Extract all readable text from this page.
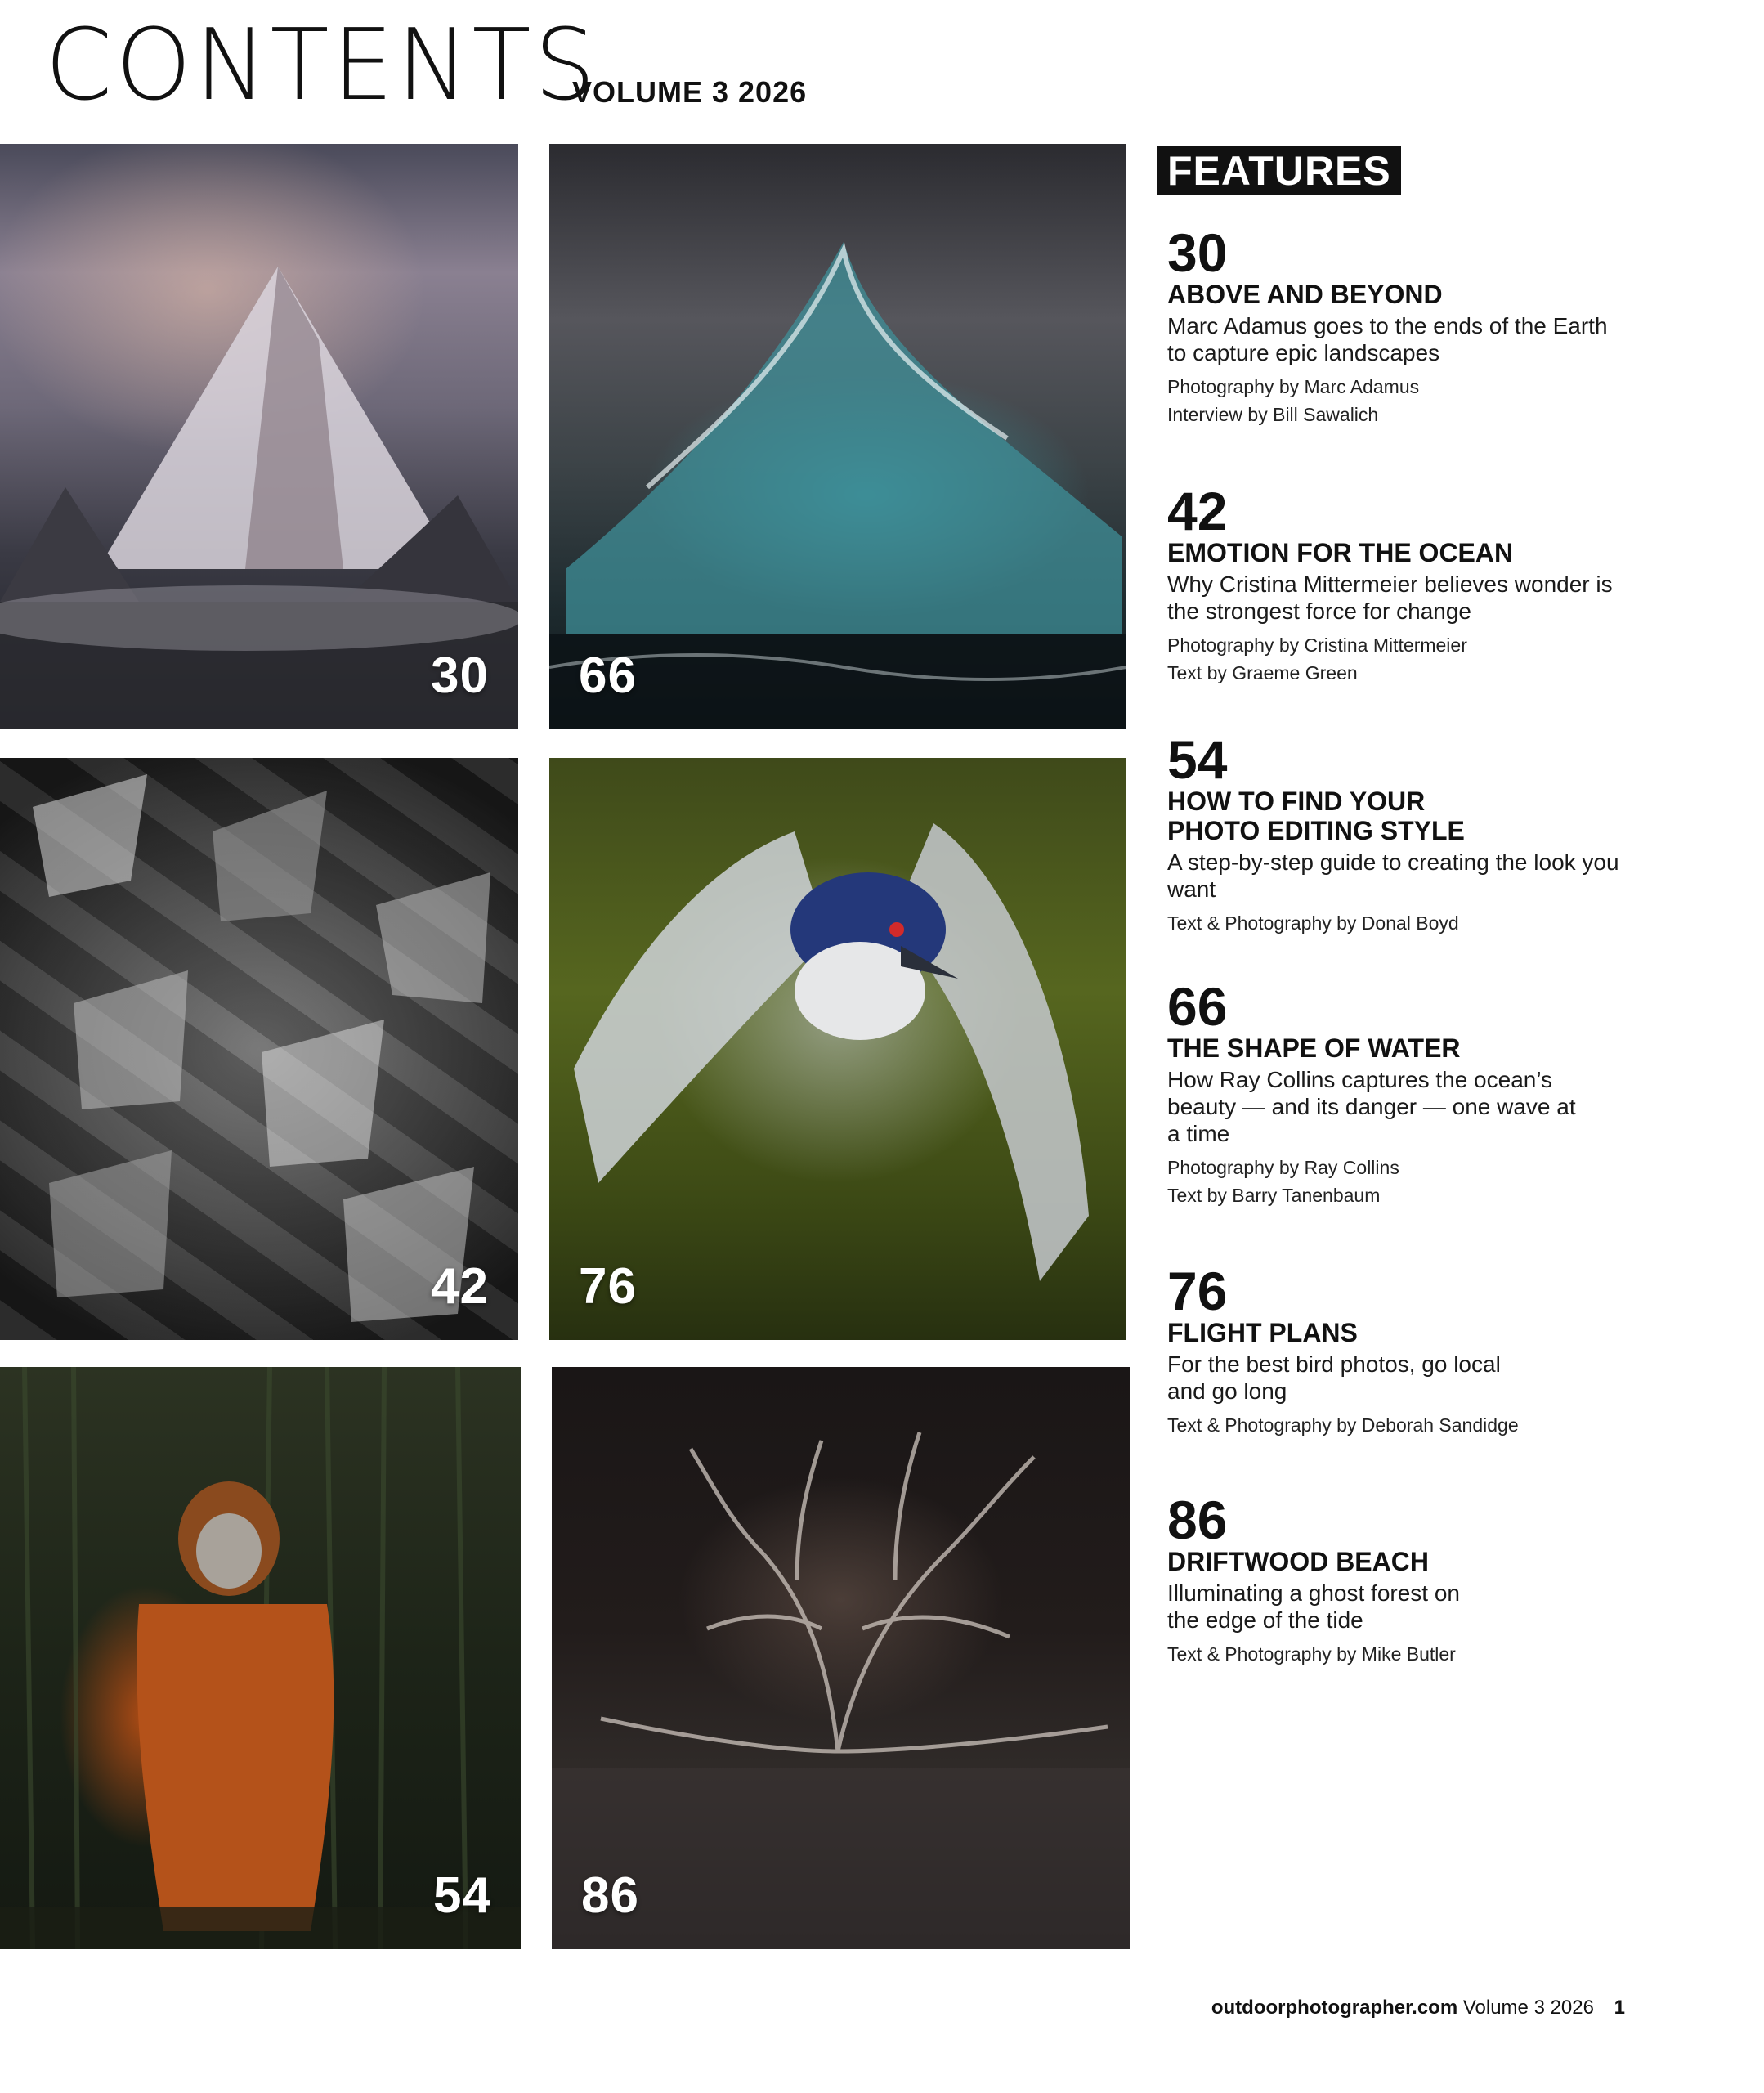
CONTENTS
VOLUME 3 2026
30 66
42 76
54 86
FEATURES

30

ABOVE AND BEYOND

Marc Adamus goes to the ends of the Earth to capture epic landscapes

Photography by Marc Adamus

Interview by Bill Sawalich

42

EMOTION FOR THE OCEAN

Why Cristina Mittermeier believes wonder is the strongest force for change

Photography by Cristina Mittermeier

Text by Graeme Green

54

HOW TO FIND YOUR PHOTO EDITING STYLE

A step-by-step guide to creating the look you want

Text & Photography by Donal Boyd

66

THE SHAPE OF WATER

How Ray Collins captures the ocean’s beauty — and its danger — one wave at a time

Photography by Ray Collins

Text by Barry Tanenbaum

76

FLIGHT PLANS

For the best bird photos, go local and go long

Text & Photography by Deborah Sandidge

86

DRIFTWOOD BEACH

Illuminating a ghost forest on the edge of the tide

Text & Photography by Mike Butler

outdoorphotographer.com Volume 3 2026 1
